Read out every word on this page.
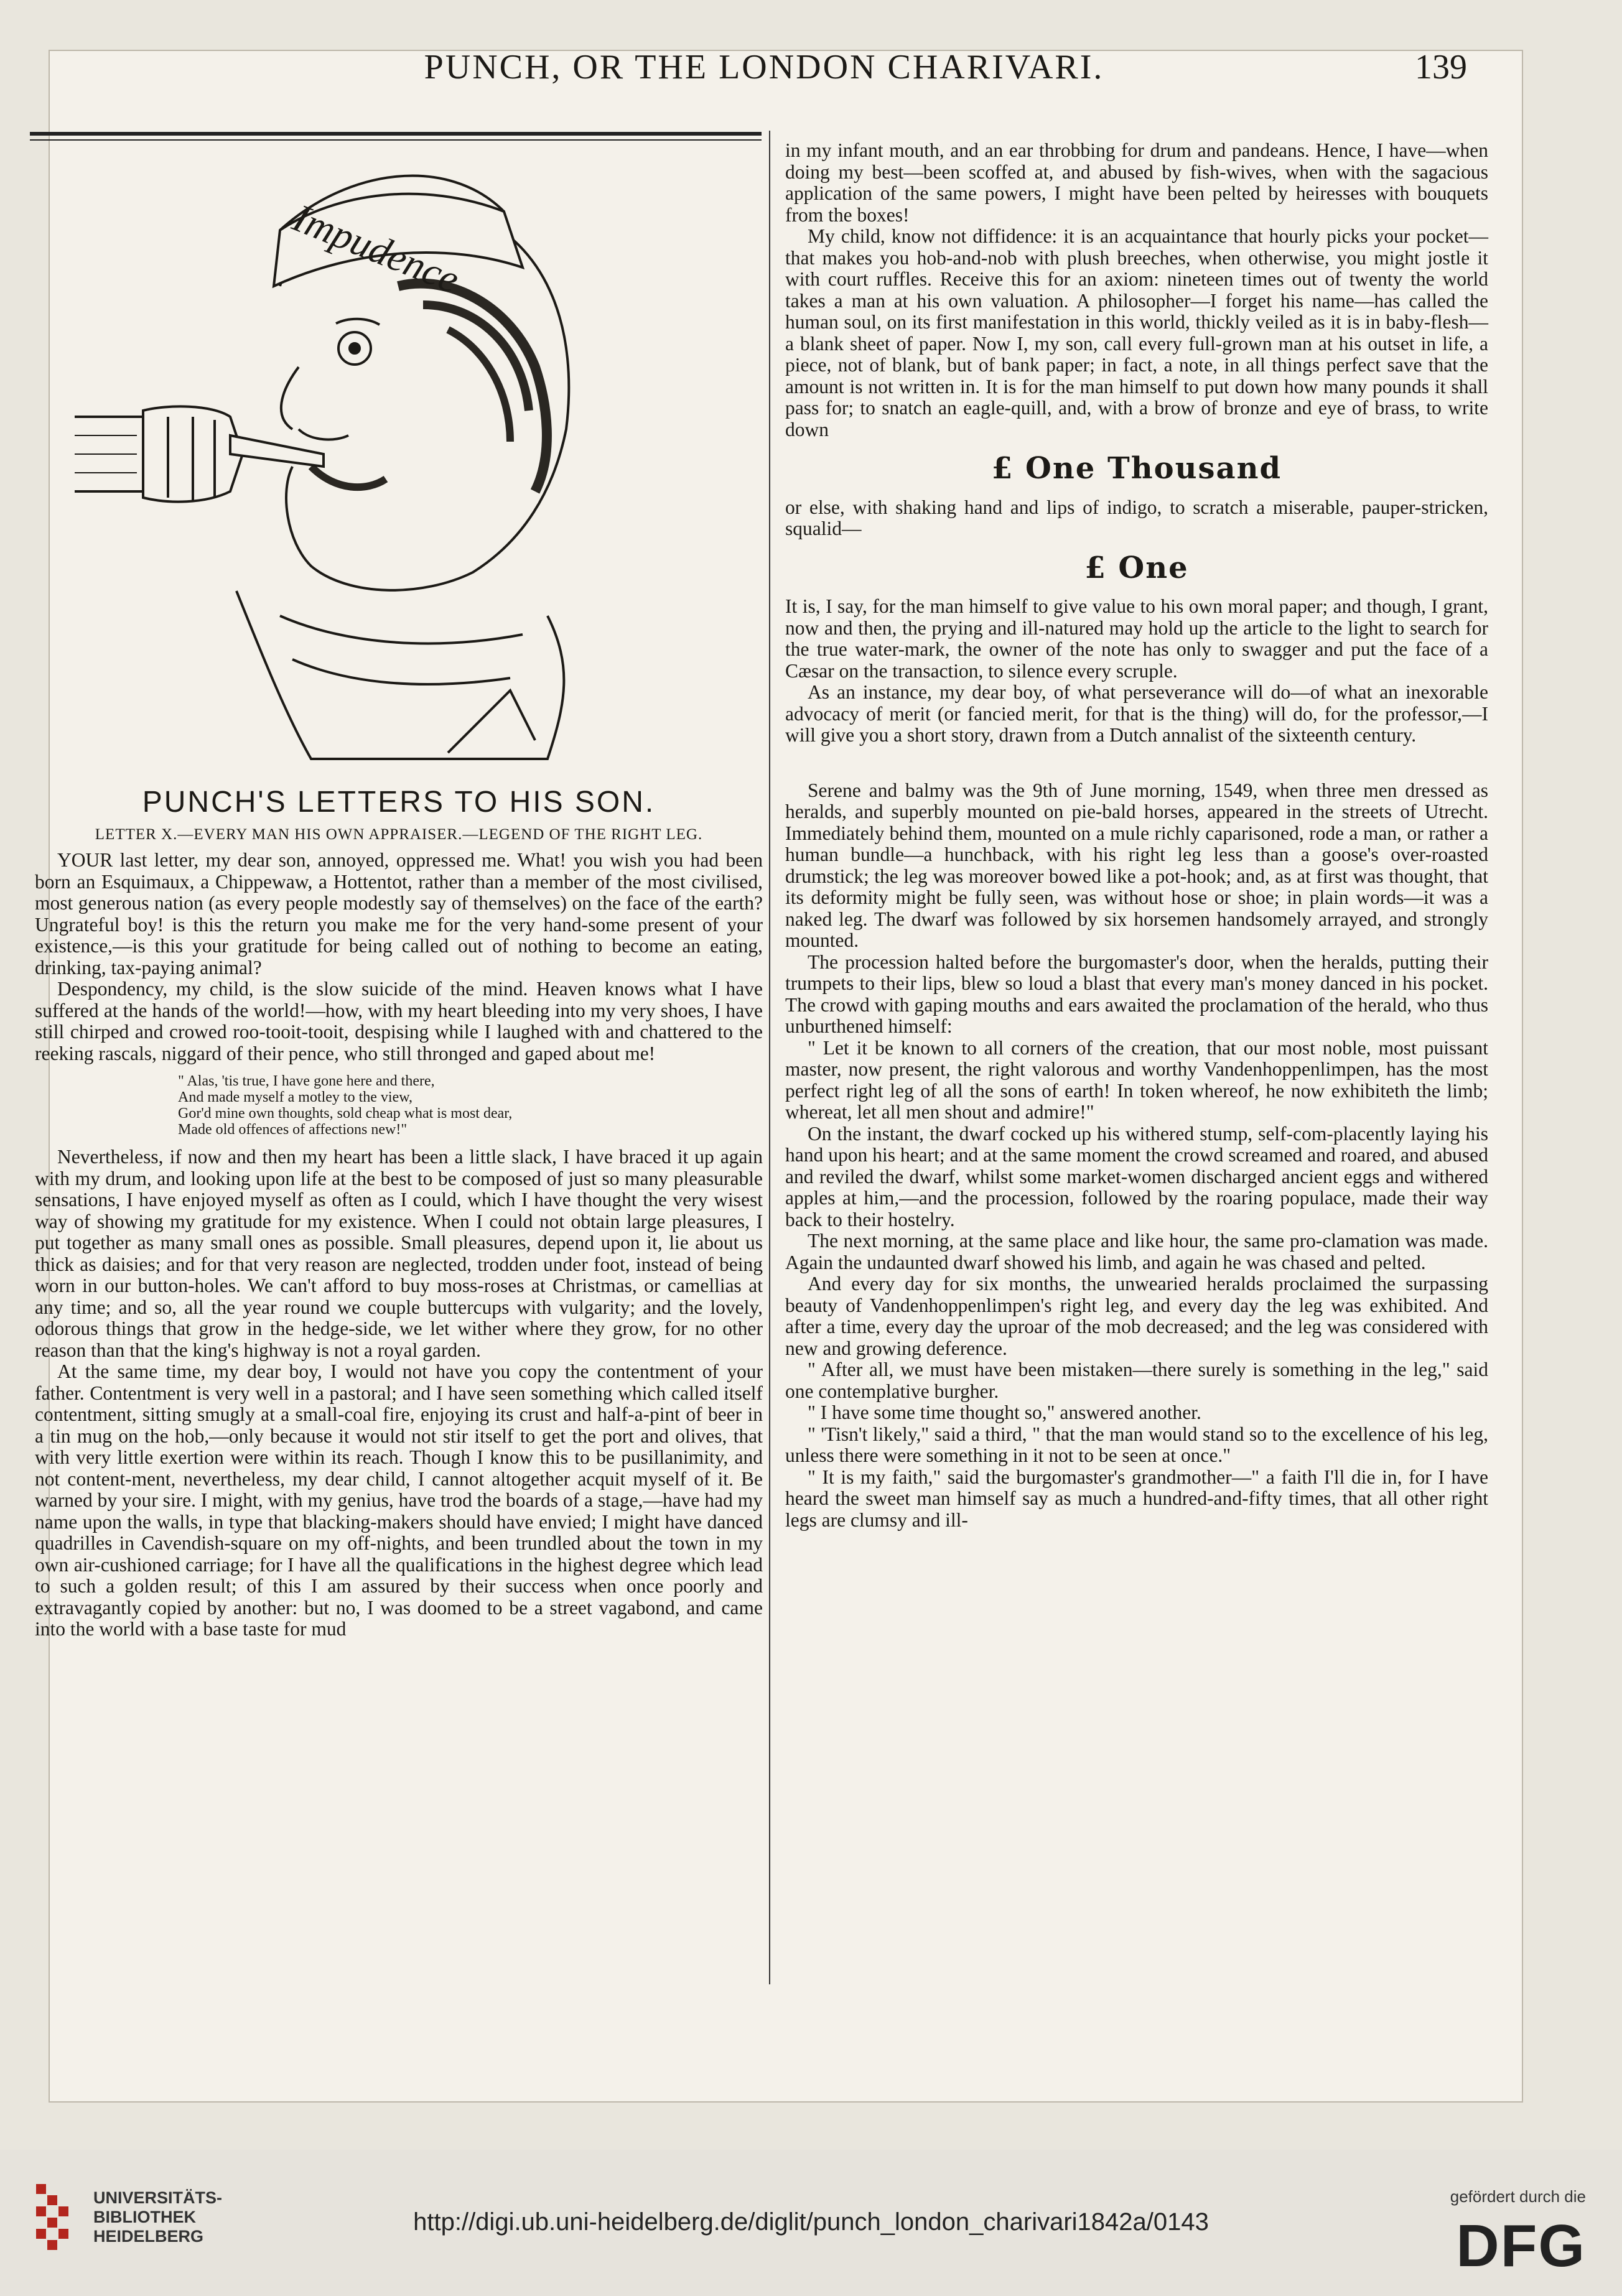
PUNCH, OR THE LONDON CHARIVARI.	139
Impudence
PUNCH'S LETTERS TO HIS SON.
LETTER X.—EVERY MAN HIS OWN APPRAISER.—LEGEND OF THE RIGHT LEG.

YOUR last letter, my dear son, annoyed, oppressed me. What! you wish you had been born an Esquimaux, a Chippewaw, a Hottentot, rather than a member of the most civilised, most generous nation (as every people modestly say of themselves) on the face of the earth? Ungrateful boy! is this the return you make me for the very hand-some present of your existence,—is this your gratitude for being called out of nothing to become an eating, drinking, tax-paying animal?

Despondency, my child, is the slow suicide of the mind. Heaven knows what I have suffered at the hands of the world!—how, with my heart bleeding into my very shoes, I have still chirped and crowed roo-tooit-tooit, despising while I laughed with and chattered to the reeking rascals, niggard of their pence, who still thronged and gaped about me!

" Alas, 'tis true, I have gone here and there,
And made myself a motley to the view,
Gor'd mine own thoughts, sold cheap what is most dear,
Made old offences of affections new!"

Nevertheless, if now and then my heart has been a little slack, I have braced it up again with my drum, and looking upon life at the best to be composed of just so many pleasurable sensations, I have enjoyed myself as often as I could, which I have thought the very wisest way of showing my gratitude for my existence. When I could not obtain large pleasures, I put together as many small ones as possible. Small pleasures, depend upon it, lie about us thick as daisies; and for that very reason are neglected, trodden under foot, instead of being worn in our button-holes. We can't afford to buy moss-roses at Christmas, or camellias at any time; and so, all the year round we couple buttercups with vulgarity; and the lovely, odorous things that grow in the hedge-side, we let wither where they grow, for no other reason than that the king's highway is not a royal garden.

At the same time, my dear boy, I would not have you copy the contentment of your father. Contentment is very well in a pastoral; and I have seen something which called itself contentment, sitting smugly at a small-coal fire, enjoying its crust and half-a-pint of beer in a tin mug on the hob,—only because it would not stir itself to get the port and olives, that with very little exertion were within its reach. Though I know this to be pusillanimity, and not content-ment, nevertheless, my dear child, I cannot altogether acquit myself of it. Be warned by your sire. I might, with my genius, have trod the boards of a stage,—have had my name upon the walls, in type that blacking-makers should have envied; I might have danced quadrilles in Cavendish-square on my off-nights, and been trundled about the town in my own air-cushioned carriage; for I have all the qualifications in the highest degree which lead to such a golden result; of this I am assured by their success when once poorly and extravagantly copied by another: but no, I was doomed to be a street vagabond, and came into the world with a base taste for mud

in my infant mouth, and an ear throbbing for drum and pandeans. Hence, I have—when doing my best—been scoffed at, and abused by fish-wives, when with the sagacious application of the same powers, I might have been pelted by heiresses with bouquets from the boxes!

My child, know not diffidence: it is an acquaintance that hourly picks your pocket—that makes you hob-and-nob with plush breeches, when otherwise, you might jostle it with court ruffles. Receive this for an axiom: nineteen times out of twenty the world takes a man at his own valuation. A philosopher—I forget his name—has called the human soul, on its first manifestation in this world, thickly veiled as it is in baby-flesh—a blank sheet of paper. Now I, my son, call every full-grown man at his outset in life, a piece, not of blank, but of bank paper; in fact, a note, in all things perfect save that the amount is not written in. It is for the man himself to put down how many pounds it shall pass for; to snatch an eagle-quill, and, with a brow of bronze and eye of brass, to write down

£ One Thousand

or else, with shaking hand and lips of indigo, to scratch a miserable, pauper-stricken, squalid—

£ One

It is, I say, for the man himself to give value to his own moral paper; and though, I grant, now and then, the prying and ill-natured may hold up the article to the light to search for the true water-mark, the owner of the note has only to swagger and put the face of a Cæsar on the transaction, to silence every scruple.

As an instance, my dear boy, of what perseverance will do—of what an inexorable advocacy of merit (or fancied merit, for that is the thing) will do, for the professor,—I will give you a short story, drawn from a Dutch annalist of the sixteenth century.

Serene and balmy was the 9th of June morning, 1549, when three men dressed as heralds, and superbly mounted on pie-bald horses, appeared in the streets of Utrecht. Immediately behind them, mounted on a mule richly caparisoned, rode a man, or rather a human bundle—a hunchback, with his right leg less than a goose's over-roasted drumstick; the leg was moreover bowed like a pot-hook; and, as at first was thought, that its deformity might be fully seen, was without hose or shoe; in plain words—it was a naked leg. The dwarf was followed by six horsemen handsomely arrayed, and strongly mounted.

The procession halted before the burgomaster's door, when the heralds, putting their trumpets to their lips, blew so loud a blast that every man's money danced in his pocket. The crowd with gaping mouths and ears awaited the proclamation of the herald, who thus unburthened himself:

" Let it be known to all corners of the creation, that our most noble, most puissant master, now present, the right valorous and worthy Vandenhoppenlimpen, has the most perfect right leg of all the sons of earth! In token whereof, he now exhibiteth the limb; whereat, let all men shout and admire!"

On the instant, the dwarf cocked up his withered stump, self-com-placently laying his hand upon his heart; and at the same moment the crowd screamed and roared, and abused and reviled the dwarf, whilst some market-women discharged ancient eggs and withered apples at him,—and the procession, followed by the roaring populace, made their way back to their hostelry.

The next morning, at the same place and like hour, the same pro-clamation was made. Again the undaunted dwarf showed his limb, and again he was chased and pelted.

And every day for six months, the unwearied heralds proclaimed the surpassing beauty of Vandenhoppenlimpen's right leg, and every day the leg was exhibited. And after a time, every day the uproar of the mob decreased; and the leg was considered with new and growing deference.

" After all, we must have been mistaken—there surely is something in the leg," said one contemplative burgher.

" I have some time thought so," answered another.

" 'Tisn't likely," said a third, " that the man would stand so to the excellence of his leg, unless there were something in it not to be seen at once."

" It is my faith," said the burgomaster's grandmother—" a faith I'll die in, for I have heard the sweet man himself say as much a hundred-and-fifty times, that all other right legs are clumsy and ill-

UNIVERSITÄTS-
BIBLIOTHEK
HEIDELBERG
http://digi.ub.uni-heidelberg.de/diglit/punch_london_charivari1842a/0143
gefördert durch die
DFG
